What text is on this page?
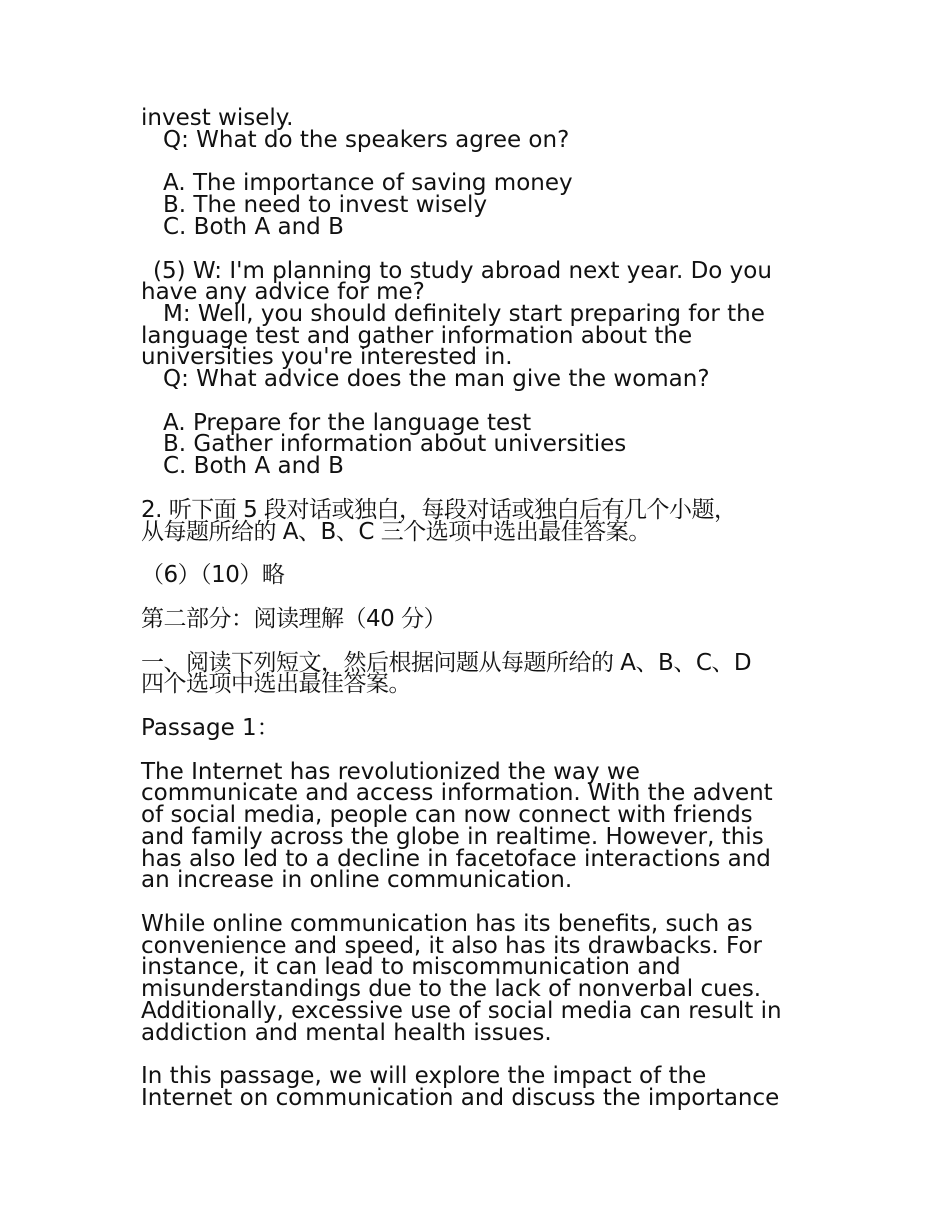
invest wisely.
Q: What do the speakers agree on?
A. The importance of saving money
B. The need to invest wisely
C. Both A and B
(5) W: I'm planning to study abroad next year. Do you
have any advice for me?
M: Well, you should definitely start preparing for the
language test and gather information about the
universities you're interested in.
Q: What advice does the man give the woman?
A. Prepare for the language test
B. Gather information about universities
C. Both A and B
2. 听下面 5 段对话或独白，每段对话或独白后有几个小题，
从每题所给的 A、B、C 三个选项中选出最佳答案。
（6）（10）略
第二部分：阅读理解（40 分）
一、阅读下列短文，然后根据问题从每题所给的 A、B、C、D
四个选项中选出最佳答案。
Passage 1：
The Internet has revolutionized the way we
communicate and access information. With the advent
of social media, people can now connect with friends
and family across the globe in realtime. However, this
has also led to a decline in facetoface interactions and
an increase in online communication.
While online communication has its benefits, such as
convenience and speed, it also has its drawbacks. For
instance, it can lead to miscommunication and
misunderstandings due to the lack of nonverbal cues.
Additionally, excessive use of social media can result in
addiction and mental health issues.
In this passage, we will explore the impact of the
Internet on communication and discuss the importance
